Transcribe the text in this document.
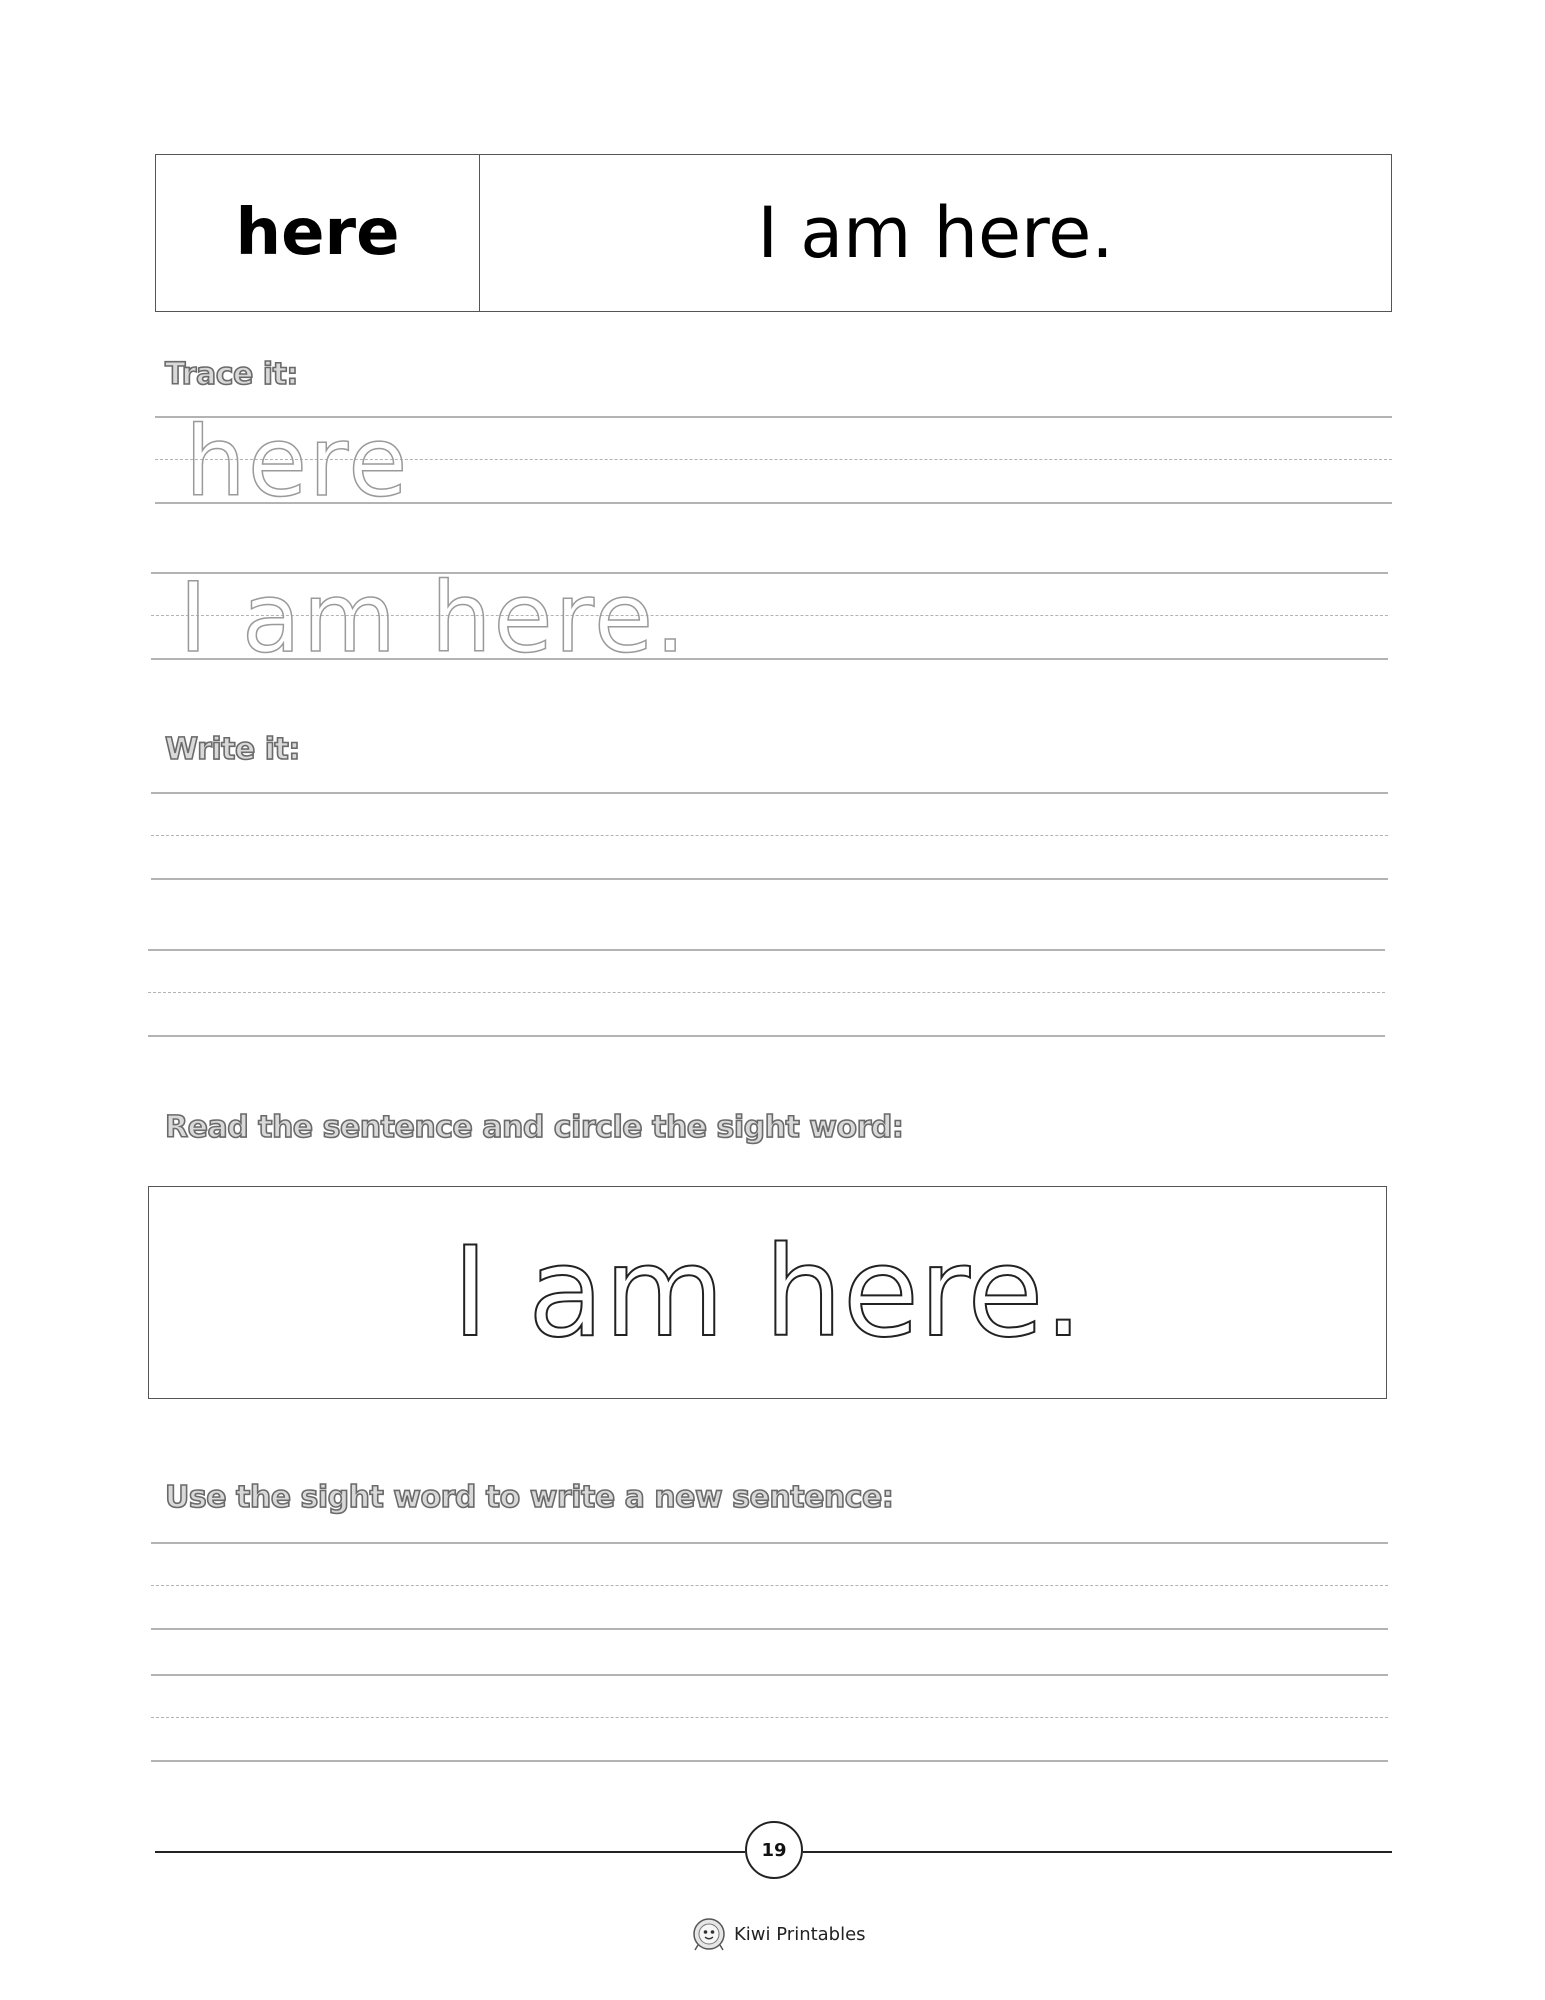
here	I am here.
Trace it:
here
I am here.
Write it:
Read the sentence and circle the sight word:
I am here.
Use the sight word to write a new sentence:
19
Kiwi Printables
